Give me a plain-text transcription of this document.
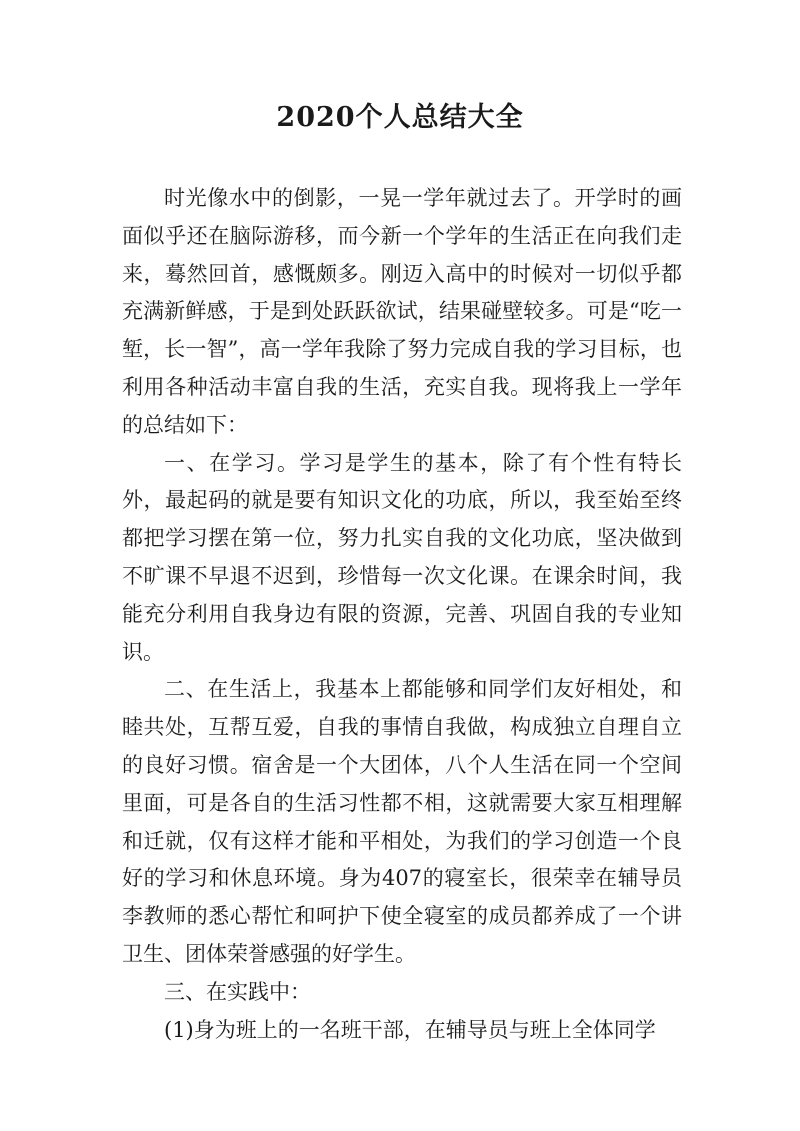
2020个人总结大全

时光像水中的倒影，一晃一学年就过去了。开学时的画面似乎还在脑际游移，而今新一个学年的生活正在向我们走来，蓦然回首，感慨颇多。刚迈入高中的时候对一切似乎都充满新鲜感，于是到处跃跃欲试，结果碰壁较多。可是“吃一堑，长一智”，高一学年我除了努力完成自我的学习目标，也利用各种活动丰富自我的生活，充实自我。现将我上一学年的总结如下：

一、在学习。学习是学生的基本，除了有个性有特长外，最起码的就是要有知识文化的功底，所以，我至始至终都把学习摆在第一位，努力扎实自我的文化功底，坚决做到不旷课不早退不迟到，珍惜每一次文化课。在课余时间，我能充分利用自我身边有限的资源，完善、巩固自我的专业知识。

二、在生活上，我基本上都能够和同学们友好相处，和睦共处，互帮互爱，自我的事情自我做，构成独立自理自立的良好习惯。宿舍是一个大团体，八个人生活在同一个空间里面，可是各自的生活习性都不相，这就需要大家互相理解和迁就，仅有这样才能和平相处，为我们的学习创造一个良好的学习和休息环境。身为407的寝室长，很荣幸在辅导员李教师的悉心帮忙和呵护下使全寝室的成员都养成了一个讲卫生、团体荣誉感强的好学生。

三、在实践中：

(1)身为班上的一名班干部，在辅导员与班上全体同学
